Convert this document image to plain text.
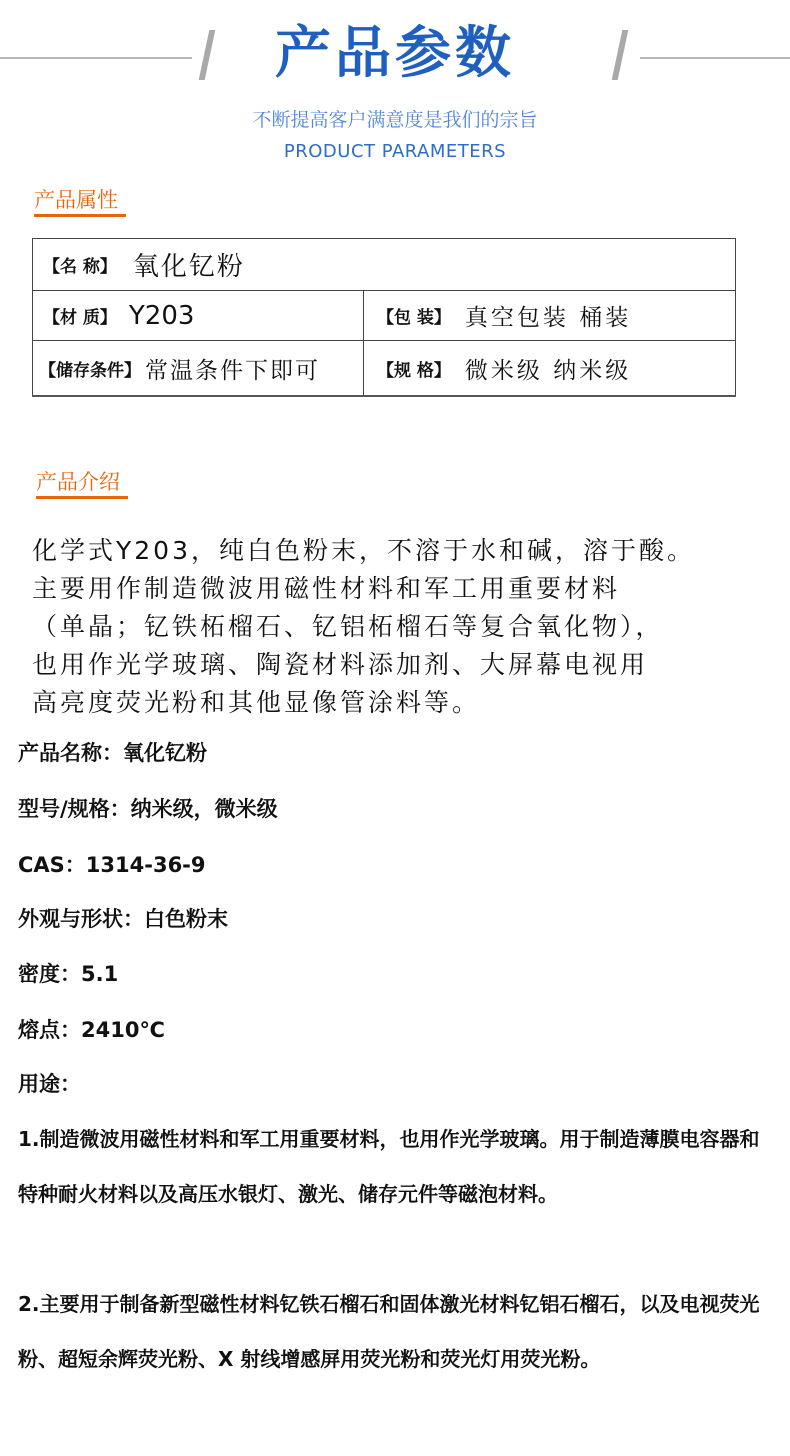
产品参数
不断提高客户满意度是我们的宗旨
PRODUCT PARAMETERS
产品属性
【名 称】 氧化钇粉
【材 质】 Y203	【包 装】 真空包装 桶装
【储存条件】 常温条件下即可	【规 格】 微米级 纳米级
产品介绍
化学式Y203，纯白色粉末，不溶于水和碱，溶于酸。
主要用作制造微波用磁性材料和军工用重要材料
（单晶；钇铁柘榴石、钇铝柘榴石等复合氧化物），
也用作光学玻璃、陶瓷材料添加剂、大屏幕电视用
高亮度荧光粉和其他显像管涂料等。
产品名称：氧化钇粉
型号/规格：纳米级，微米级
CAS：1314-36-9
外观与形状：白色粉末
密度：5.1
熔点：2410℃
用途：
1.制造微波用磁性材料和军工用重要材料，也用作光学玻璃。用于制造薄膜电容器和特种耐火材料以及高压水银灯、激光、储存元件等磁泡材料。
2.主要用于制备新型磁性材料钇铁石榴石和固体激光材料钇铝石榴石，以及电视荧光粉、超短余辉荧光粉、X 射线增感屏用荧光粉和荧光灯用荧光粉。
